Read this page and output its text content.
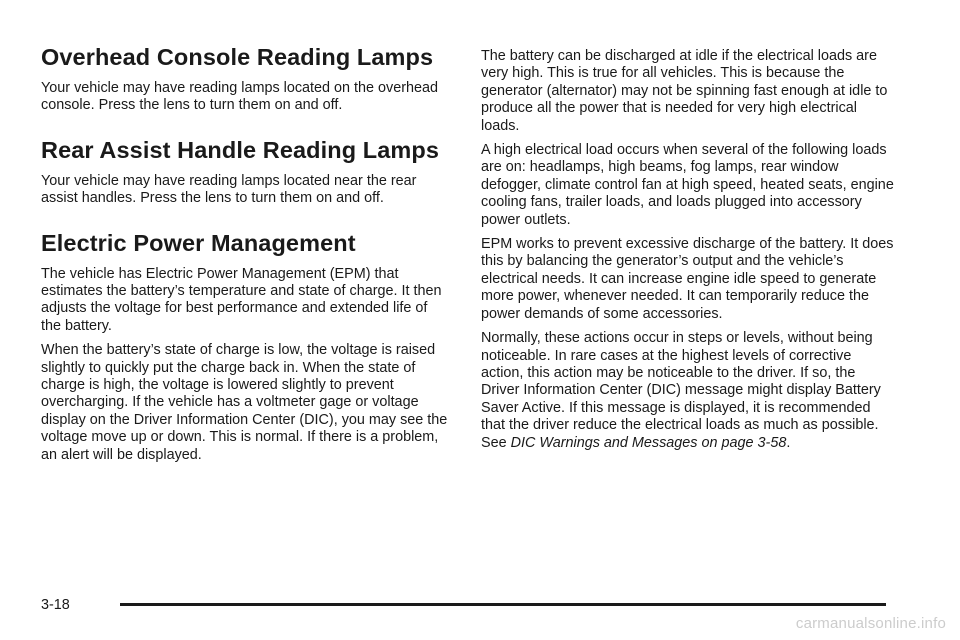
Overhead Console Reading Lamps

Your vehicle may have reading lamps located on the overhead console. Press the lens to turn them on and off.

Rear Assist Handle Reading Lamps

Your vehicle may have reading lamps located near the rear assist handles. Press the lens to turn them on and off.

Electric Power Management

The vehicle has Electric Power Management (EPM) that estimates the battery’s temperature and state of charge. It then adjusts the voltage for best performance and extended life of the battery.

When the battery’s state of charge is low, the voltage is raised slightly to quickly put the charge back in. When the state of charge is high, the voltage is lowered slightly to prevent overcharging. If the vehicle has a voltmeter gage or voltage display on the Driver Information Center (DIC), you may see the voltage move up or down. This is normal. If there is a problem, an alert will be displayed.

The battery can be discharged at idle if the electrical loads are very high. This is true for all vehicles. This is because the generator (alternator) may not be spinning fast enough at idle to produce all the power that is needed for very high electrical loads.

A high electrical load occurs when several of the following loads are on: headlamps, high beams, fog lamps, rear window defogger, climate control fan at high speed, heated seats, engine cooling fans, trailer loads, and loads plugged into accessory power outlets.

EPM works to prevent excessive discharge of the battery. It does this by balancing the generator’s output and the vehicle’s electrical needs. It can increase engine idle speed to generate more power, whenever needed. It can temporarily reduce the power demands of some accessories.

Normally, these actions occur in steps or levels, without being noticeable. In rare cases at the highest levels of corrective action, this action may be noticeable to the driver. If so, the Driver Information Center (DIC) message might display Battery Saver Active. If this message is displayed, it is recommended that the driver reduce the electrical loads as much as possible. See DIC Warnings and Messages on page 3-58.

3-18
carmanualsonline.info
